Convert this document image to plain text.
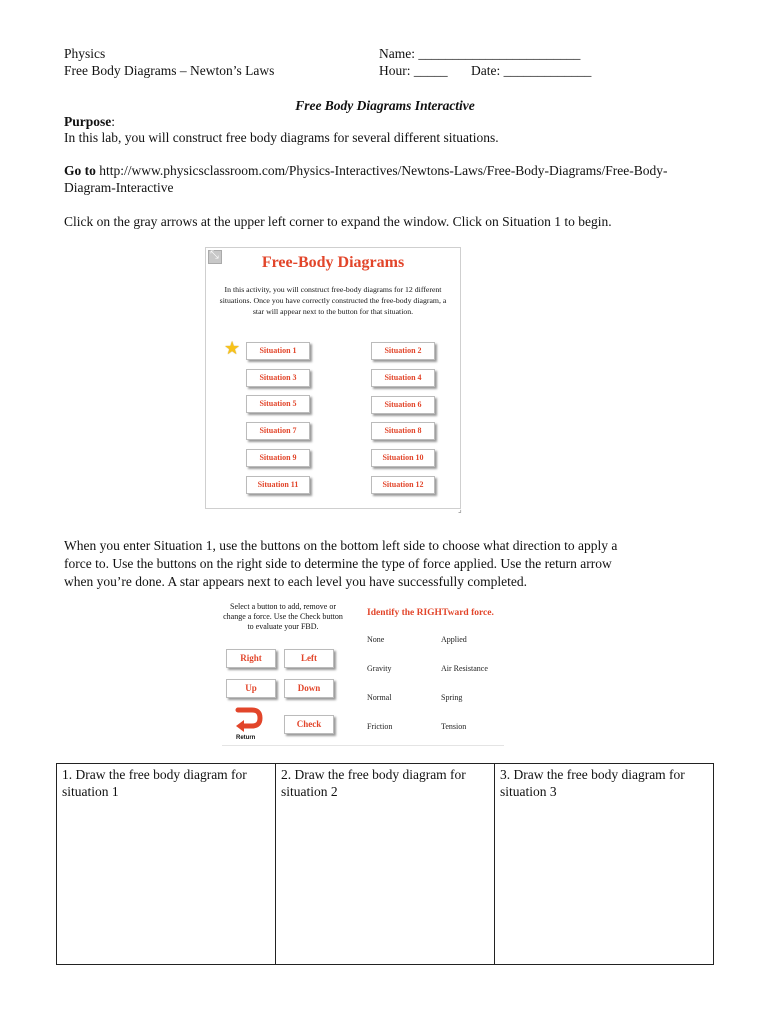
Physics
Free Body Diagrams – Newton’s Laws
Name: ________________________
Hour: _____ Date: _____________
Free Body Diagrams Interactive
Purpose:
In this lab, you will construct free body diagrams for several different situations.
Go to http://www.physicsclassroom.com/Physics-Interactives/Newtons-Laws/Free-Body-Diagrams/Free-Body-
Diagram-Interactive
Click on the gray arrows at the upper left corner to expand the window. Click on Situation 1 to begin.
⤡
Free-Body Diagrams
In this activity, you will construct free-body diagrams for 12 different situations. Once you have correctly constructed the free-body diagram, a star will appear next to the button for that situation.
★	Situation 1	Situation 2
Situation 3	Situation 4
Situation 5	Situation 6
Situation 7	Situation 8
Situation 9	Situation 10
Situation 11	Situation 12
⌟

When you enter Situation 1, use the buttons on the bottom left side to choose what direction to apply a

force to. Use the buttons on the right side to determine the type of force applied. Use the return arrow

when you’re done. A star appears next to each level you have successfully completed.

Select a button to add, remove or change a force. Use the Check button to evaluate your FBD.
Right	Left
Up	Down
Check
Return
Identify the RIGHTward force.
None	Applied
Gravity	Air Resistance
Normal	Spring
Friction	Tension
1. Draw the free body diagram for
situation 1

2. Draw the free body diagram for
situation 2

3. Draw the free body diagram for
situation 3
